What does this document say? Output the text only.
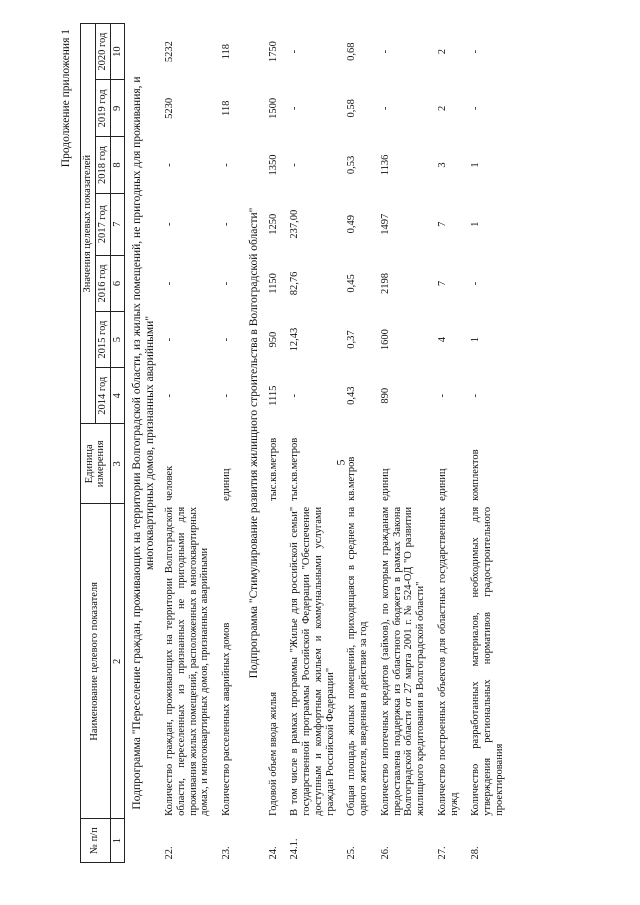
5
Продолжение приложения 1
№ п/п	Наименование целевого показателя	Единица измерения	Значения целевых показателей						
			2014 год	2015 год	2016 год	2017 год	2018 год	2019 год	2020 год
1	2	3	4	5	6	7	8	9	10
Подпрограмма "Переселение граждан, проживающих на территории Волгоградской области, из жилых помещений, не пригодных для проживания, и многоквартирных домов, признанных аварийными"									
22.	Количество граждан, проживающих на территории Волгоградской области, переселенных из признанных не пригодными для проживания жилых помещений, расположенных в многоквартирных домах, и многоквартирных домов, признанных аварийными	человек	-	-	-	-	-	5230	5232

23.	Количество расселенных аварийных домов	единиц	-	-	-	-	-	118	118

Подпрограмма "Стимулирование развития жилищного строительства в Волгоградской области"									
24.	Годовой объем ввода жилья	тыс.кв.метров	1115	950	1150	1250	1350	1500	1750

24.1.	В том числе в рамках программы "Жилье для российской семьи" государственной программы Российской Федерации "Обеспечение доступным и комфортным жильем и коммунальными услугами граждан Российской Федерации"	тыс.кв.метров	-	12,43	82,76	237,00	-	-	-

25.	Общая площадь жилых помещений, приходящаяся в среднем на одного жителя, введенная в действие за год	кв.метров	0,43	0,37	0,45	0,49	0,53	0,58	0,68

26.	Количество ипотечных кредитов (займов), по которым гражданам предоставлена поддержка из областного бюджета в рамках Закона Волгоградской области от 27 марта 2001 г. № 524-ОД "О развитии жилищного кредитования в Волгоградской области"	единиц	890	1600	2198	1497	1136	-	-

27.	Количество построенных объектов для областных государственных нужд	единиц	-	4	7	7	3	2	2

28.	Количество разработанных материалов, необходимых для утверждения региональных нормативов градостроительного проектирования	комплектов	-	1	-	1	1	-	-
